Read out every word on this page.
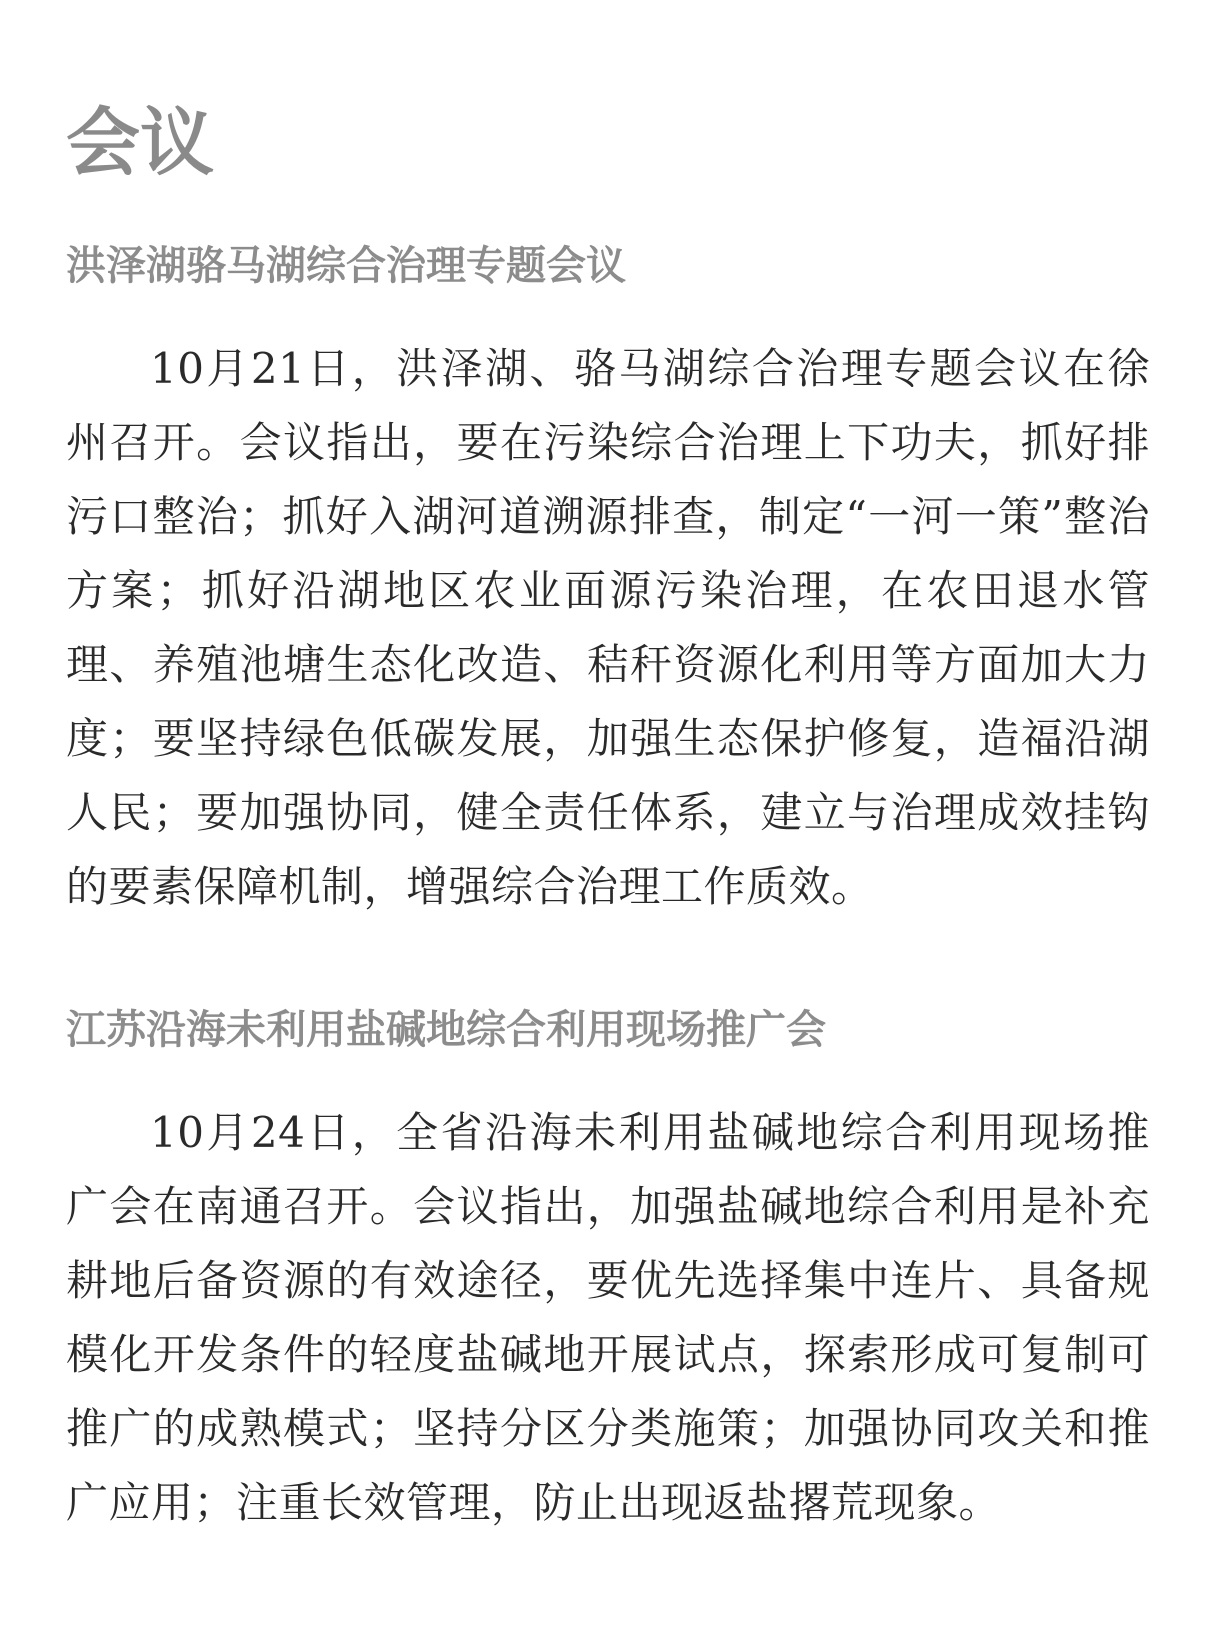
会议
洪泽湖骆马湖综合治理专题会议

10月21日，洪泽湖、骆马湖综合治理专题会议在徐州召开。会议指出，要在污染综合治理上下功夫，抓好排污口整治；抓好入湖河道溯源排查，制定“一河一策”整治方案；抓好沿湖地区农业面源污染治理，在农田退水管理、养殖池塘生态化改造、秸秆资源化利用等方面加大力度；要坚持绿色低碳发展，加强生态保护修复，造福沿湖人民；要加强协同，健全责任体系，建立与治理成效挂钩的要素保障机制，增强综合治理工作质效。

江苏沿海未利用盐碱地综合利用现场推广会

10月24日，全省沿海未利用盐碱地综合利用现场推广会在南通召开。会议指出，加强盐碱地综合利用是补充耕地后备资源的有效途径，要优先选择集中连片、具备规模化开发条件的轻度盐碱地开展试点，探索形成可复制可推广的成熟模式；坚持分区分类施策；加强协同攻关和推广应用；注重长效管理，防止出现返盐撂荒现象。
